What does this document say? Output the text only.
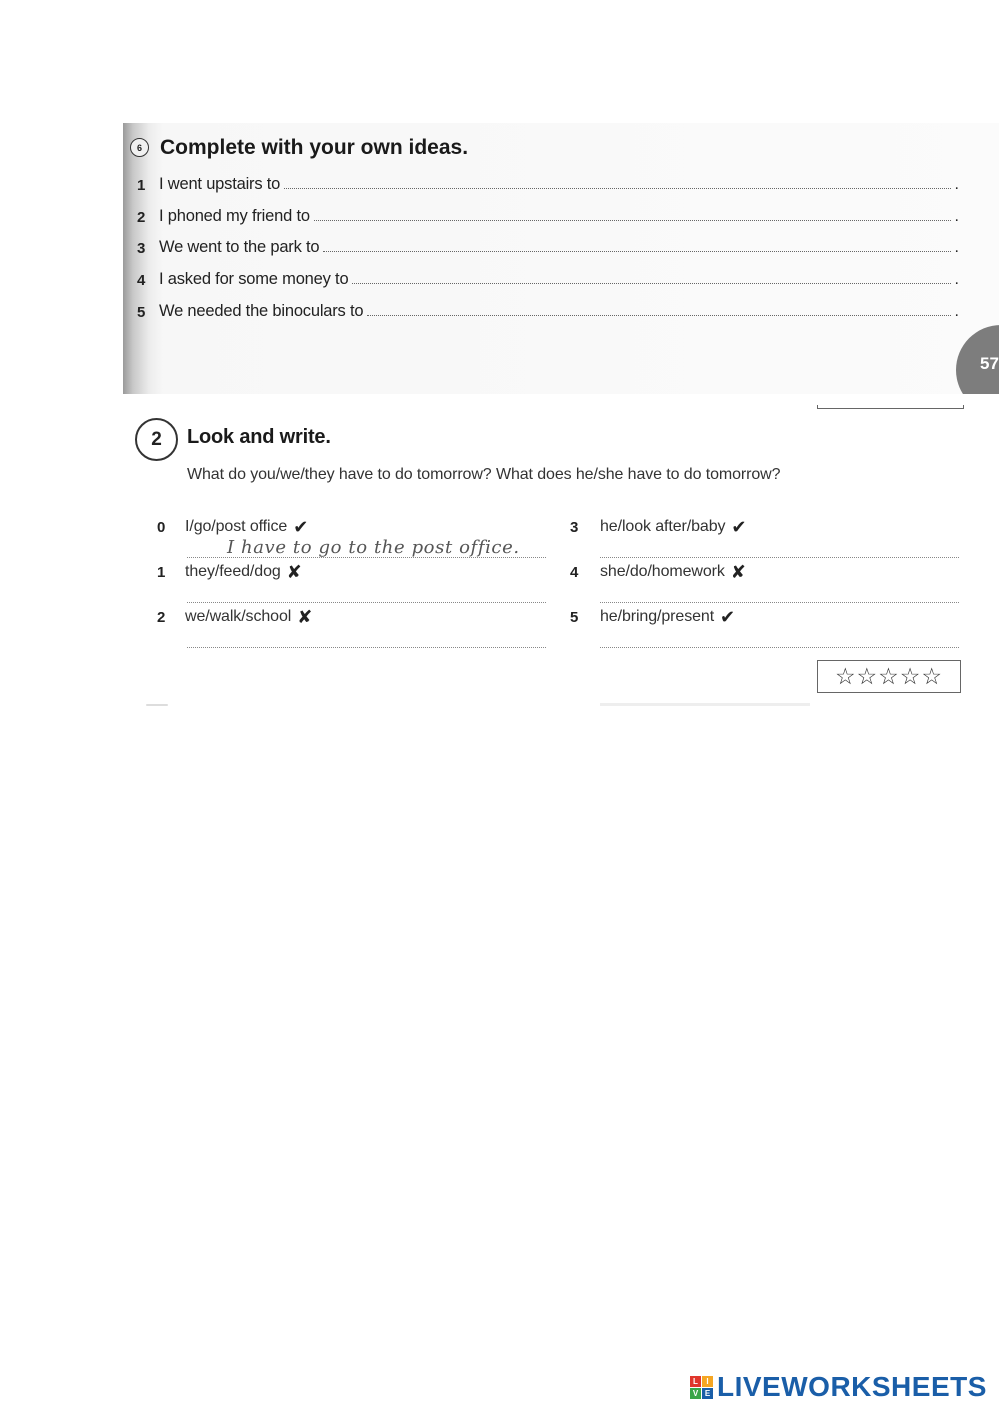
6 Complete with your own ideas.
1 I went upstairs to	.
2 I phoned my friend to	.
3 We went to the park to	.
4 I asked for some money to	.
5 We needed the binoculars to	.
57
2	Look and write.
What do you/we/they have to do tomorrow? What does he/she have to do tomorrow?
0	I/go/post office ✔
I have to go to the post office.
1	they/feed/dog ✘
2	we/walk/school ✘
3	he/look after/baby ✔
4	she/do/homework ✘
5	he/bring/present ✔
☆☆☆☆☆
L	I
V E LIVEWORKSHEETS
